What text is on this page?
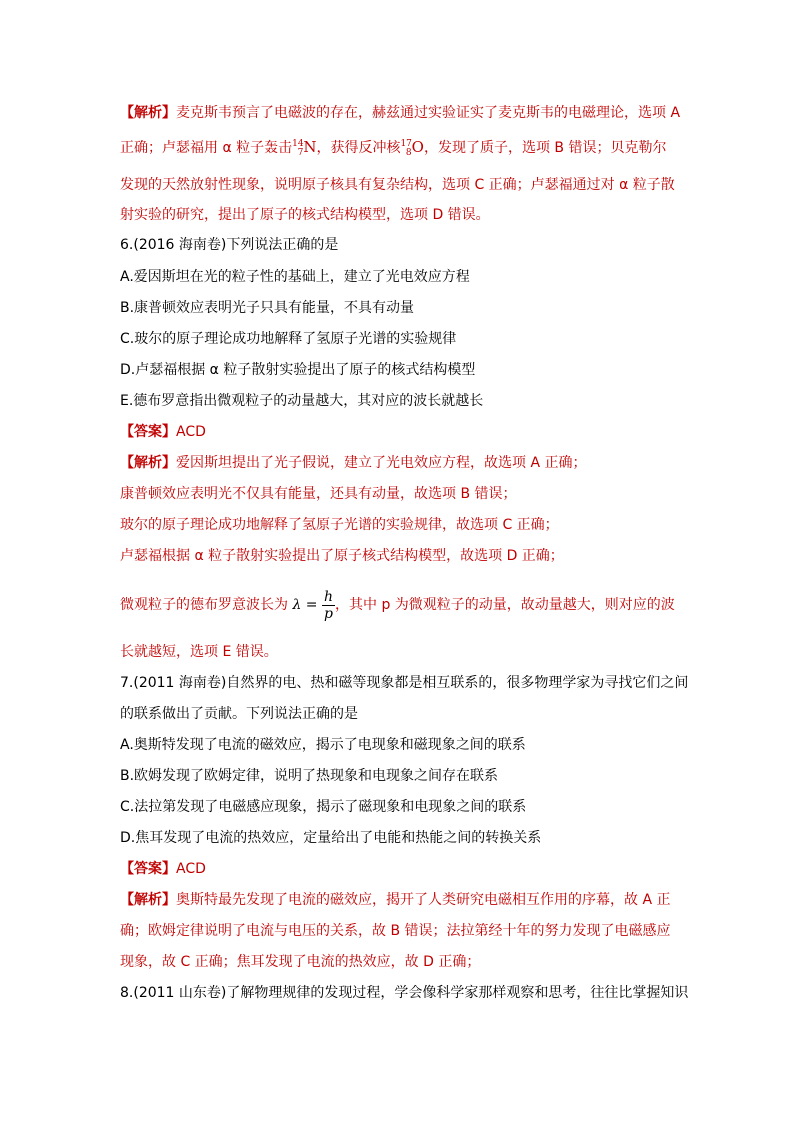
【解析】麦克斯韦预言了电磁波的存在，赫兹通过实验证实了麦克斯韦的电磁理论，选项 A
正确；卢瑟福用 α 粒子轰击$^{14}_7$N，获得反冲核$^{17}_8$O，发现了质子，选项 B 错误；贝克勒尔
发现的天然放射性现象，说明原子核具有复杂结构，选项 C 正确；卢瑟福通过对 α 粒子散
射实验的研究，提出了原子的核式结构模型，选项 D 错误。
6.(2016 海南卷)下列说法正确的是
A.爱因斯坦在光的粒子性的基础上，建立了光电效应方程
B.康普顿效应表明光子只具有能量，不具有动量
C.玻尔的原子理论成功地解释了氢原子光谱的实验规律
D.卢瑟福根据 α 粒子散射实验提出了原子的核式结构模型
E.德布罗意指出微观粒子的动量越大，其对应的波长就越长
【答案】ACD
【解析】爱因斯坦提出了光子假说，建立了光电效应方程，故选项 A 正确；
康普顿效应表明光不仅具有能量，还具有动量，故选项 B 错误；
玻尔的原子理论成功地解释了氢原子光谱的实验规律，故选项 C 正确；
卢瑟福根据 α 粒子散射实验提出了原子核式结构模型，故选项 D 正确；
微观粒子的德布罗意波长为 $\lambda = \frac{h}{p}$ ，其中 p 为微观粒子的动量，故动量越大，则对应的波
长就越短，选项 E 错误。
7.(2011 海南卷)自然界的电、热和磁等现象都是相互联系的，很多物理学家为寻找它们之间
的联系做出了贡献。下列说法正确的是
A.奥斯特发现了电流的磁效应，揭示了电现象和磁现象之间的联系
B.欧姆发现了欧姆定律，说明了热现象和电现象之间存在联系
C.法拉第发现了电磁感应现象，揭示了磁现象和电现象之间的联系
D.焦耳发现了电流的热效应，定量给出了电能和热能之间的转换关系
【答案】ACD
【解析】奥斯特最先发现了电流的磁效应，揭开了人类研究电磁相互作用的序幕，故 A 正
确；欧姆定律说明了电流与电压的关系，故 B 错误；法拉第经十年的努力发现了电磁感应
现象，故 C 正确；焦耳发现了电流的热效应，故 D 正确；
8.(2011 山东卷)了解物理规律的发现过程，学会像科学家那样观察和思考，往往比掌握知识
